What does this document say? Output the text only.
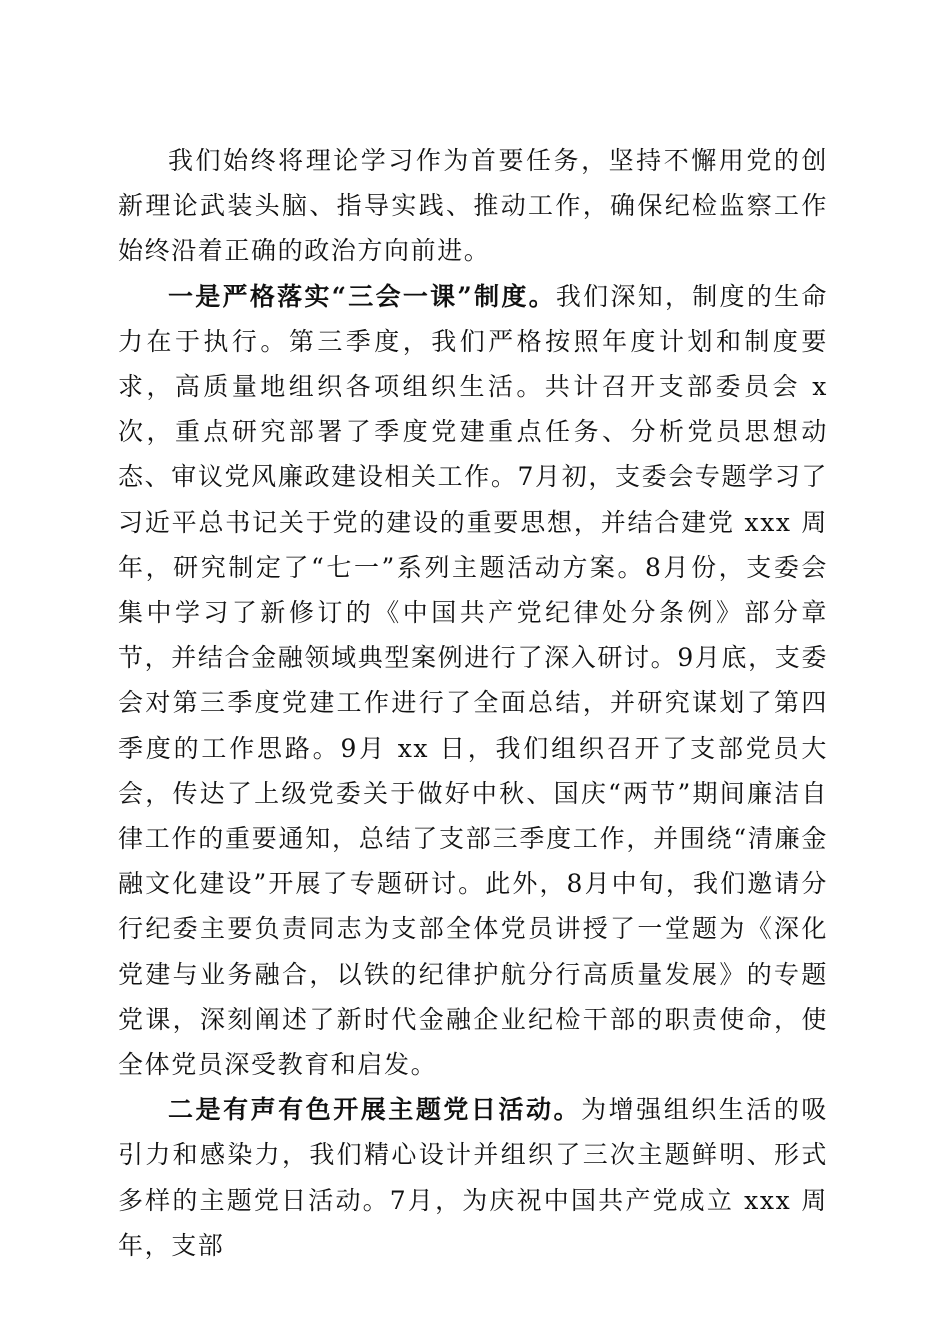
我们始终将理论学习作为首要任务，坚持不懈用党的创新理论武装头脑、指导实践、推动工作，确保纪检监察工作始终沿着正确的政治方向前进。

一是严格落实“三会一课”制度。我们深知，制度的生命力在于执行。第三季度，我们严格按照年度计划和制度要求，高质量地组织各项组织生活。共计召开支部委员会 x 次，重点研究部署了季度党建重点任务、分析党员思想动态、审议党风廉政建设相关工作。7月初，支委会专题学习了习近平总书记关于党的建设的重要思想，并结合建党 xxx 周年，研究制定了“七一”系列主题活动方案。8月份，支委会集中学习了新修订的《中国共产党纪律处分条例》部分章节，并结合金融领域典型案例进行了深入研讨。9月底，支委会对第三季度党建工作进行了全面总结，并研究谋划了第四季度的工作思路。9月 xx 日，我们组织召开了支部党员大会，传达了上级党委关于做好中秋、国庆“两节”期间廉洁自律工作的重要通知，总结了支部三季度工作，并围绕“清廉金融文化建设”开展了专题研讨。此外，8月中旬，我们邀请分行纪委主要负责同志为支部全体党员讲授了一堂题为《深化党建与业务融合，以铁的纪律护航分行高质量发展》的专题党课，深刻阐述了新时代金融企业纪检干部的职责使命，使全体党员深受教育和启发。

二是有声有色开展主题党日活动。为增强组织生活的吸引力和感染力，我们精心设计并组织了三次主题鲜明、形式多样的主题党日活动。7月，为庆祝中国共产党成立 xxx 周年，支部
